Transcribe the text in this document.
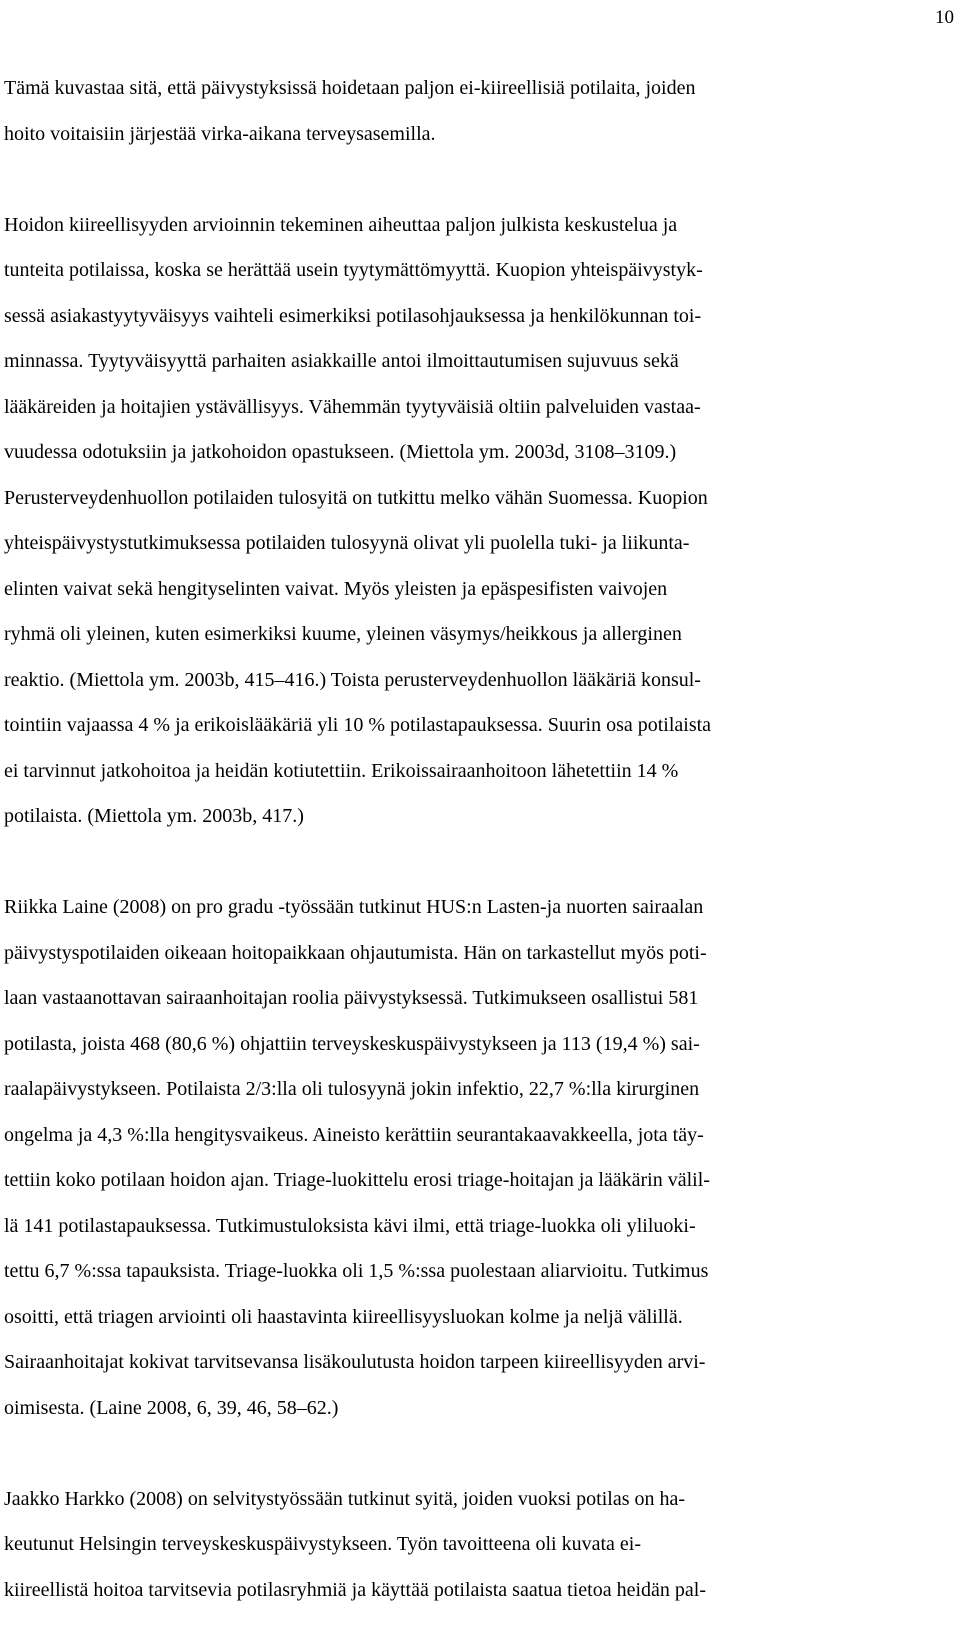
10

Tämä kuvastaa sitä, että päivystyksissä hoidetaan paljon ei-kiireellisiä potilaita, joiden
hoito voitaisiin järjestää virka-aikana terveysasemilla.

Hoidon kiireellisyyden arvioinnin tekeminen aiheuttaa paljon julkista keskustelua ja
tunteita potilaissa, koska se herättää usein tyytymättömyyttä. Kuopion yhteispäivystyk-
sessä asiakastyytyväisyys vaihteli esimerkiksi potilasohjauksessa ja henkilökunnan toi-
minnassa. Tyytyväisyyttä parhaiten asiakkaille antoi ilmoittautumisen sujuvuus sekä
lääkäreiden ja hoitajien ystävällisyys. Vähemmän tyytyväisiä oltiin palveluiden vastaa-
vuudessa odotuksiin ja jatkohoidon opastukseen. (Miettola ym. 2003d, 3108–3109.)
Perusterveydenhuollon potilaiden tulosyitä on tutkittu melko vähän Suomessa. Kuopion
yhteispäivystystutkimuksessa potilaiden tulosyynä olivat yli puolella tuki- ja liikunta-
elinten vaivat sekä hengityselinten vaivat. Myös yleisten ja epäspesifisten vaivojen
ryhmä oli yleinen, kuten esimerkiksi kuume, yleinen väsymys/heikkous ja allerginen
reaktio. (Miettola ym. 2003b, 415–416.) Toista perusterveydenhuollon lääkäriä konsul-
tointiin vajaassa 4 % ja erikoislääkäriä yli 10 % potilastapauksessa. Suurin osa potilaista
ei tarvinnut jatkohoitoa ja heidän kotiutettiin. Erikoissairaanhoitoon lähetettiin 14 %
potilaista. (Miettola ym. 2003b, 417.)

Riikka Laine (2008) on pro gradu -työssään tutkinut HUS:n Lasten-ja nuorten sairaalan
päivystyspotilaiden oikeaan hoitopaikkaan ohjautumista. Hän on tarkastellut myös poti-
laan vastaanottavan sairaanhoitajan roolia päivystyksessä. Tutkimukseen osallistui 581
potilasta, joista 468 (80,6 %) ohjattiin terveyskeskuspäivystykseen ja 113 (19,4 %) sai-
raalapäivystykseen. Potilaista 2/3:lla oli tulosyynä jokin infektio, 22,7 %:lla kirurginen
ongelma ja 4,3 %:lla hengitysvaikeus. Aineisto kerättiin seurantakaavakkeella, jota täy-
tettiin koko potilaan hoidon ajan. Triage-luokittelu erosi triage-hoitajan ja lääkärin välil-
lä 141 potilastapauksessa. Tutkimustuloksista kävi ilmi, että triage-luokka oli yliluoki-
tettu 6,7 %:ssa tapauksista. Triage-luokka oli 1,5 %:ssa puolestaan aliarvioitu. Tutkimus
osoitti, että triagen arviointi oli haastavinta kiireellisyysluokan kolme ja neljä välillä.
Sairaanhoitajat kokivat tarvitsevansa lisäkoulutusta hoidon tarpeen kiireellisyyden arvi-
oimisesta. (Laine 2008, 6, 39, 46, 58–62.)

Jaakko Harkko (2008) on selvitystyössään tutkinut syitä, joiden vuoksi potilas on ha-
keutunut Helsingin terveyskeskuspäivystykseen. Työn tavoitteena oli kuvata ei-
kiireellistä hoitoa tarvitsevia potilasryhmiä ja käyttää potilaista saatua tietoa heidän pal-
